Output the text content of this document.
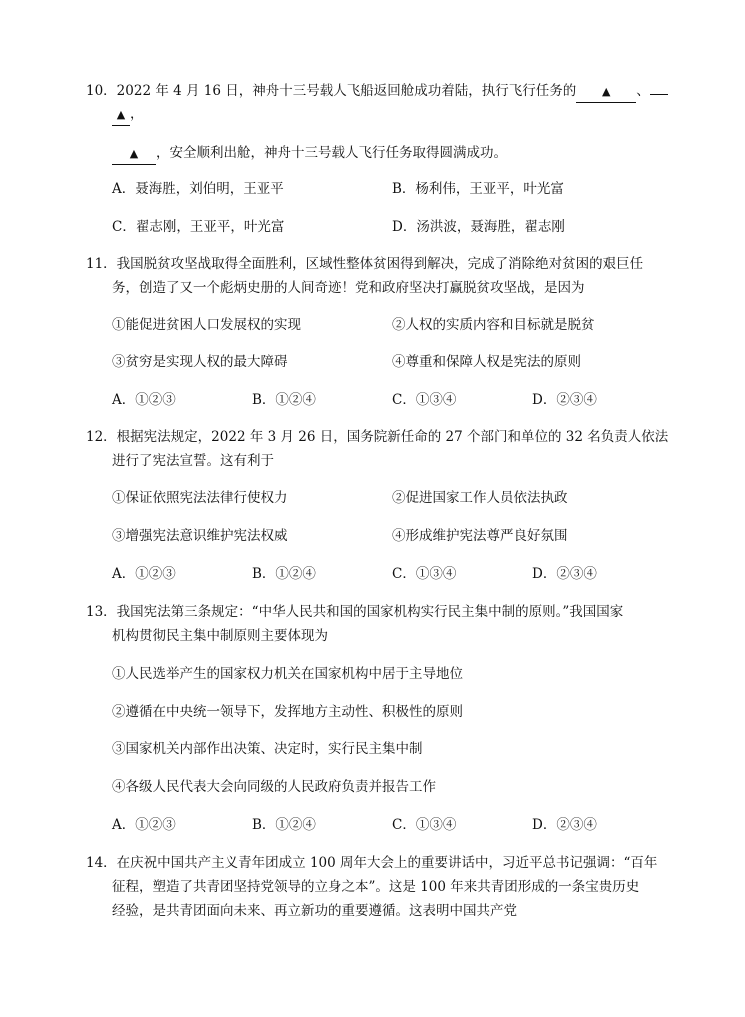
10．2022 年 4 月 16 日，神舟十三号载人飞船返回舱成功着陆，执行飞行任务的 ▲ 、
▲ ，
▲ ，安全顺利出舱，神舟十三号载人飞行任务取得圆满成功。
A．聂海胜，刘伯明，王亚平	B．杨利伟，王亚平，叶光富
C．翟志刚，王亚平，叶光富	D．汤洪波，聂海胜，翟志刚
11．我国脱贫攻坚战取得全面胜利，区域性整体贫困得到解决，完成了消除绝对贫困的艰巨任
务，创造了又一个彪炳史册的人间奇迹！党和政府坚决打赢脱贫攻坚战，是因为
①能促进贫困人口发展权的实现	②人权的实质内容和目标就是脱贫
③贫穷是实现人权的最大障碍	④尊重和保障人权是宪法的原则
A．①②③	B．①②④	C．①③④	D．②③④
12．根据宪法规定，2022 年 3 月 26 日，国务院新任命的 27 个部门和单位的 32 名负责人依法
进行了宪法宣誓。这有利于
①保证依照宪法法律行使权力	②促进国家工作人员依法执政
③增强宪法意识维护宪法权威	④形成维护宪法尊严良好氛围
A．①②③	B．①②④	C．①③④	D．②③④
13．我国宪法第三条规定：“中华人民共和国的国家机构实行民主集中制的原则。”我国国家
机构贯彻民主集中制原则主要体现为
①人民选举产生的国家权力机关在国家机构中居于主导地位
②遵循在中央统一领导下，发挥地方主动性、积极性的原则
③国家机关内部作出决策、决定时，实行民主集中制
④各级人民代表大会向同级的人民政府负责并报告工作
A．①②③	B．①②④	C．①③④	D．②③④
14．在庆祝中国共产主义青年团成立 100 周年大会上的重要讲话中，习近平总书记强调：“百年
征程，塑造了共青团坚持党领导的立身之本”。这是 100 年来共青团形成的一条宝贵历史
经验，是共青团面向未来、再立新功的重要遵循。这表明中国共产党
